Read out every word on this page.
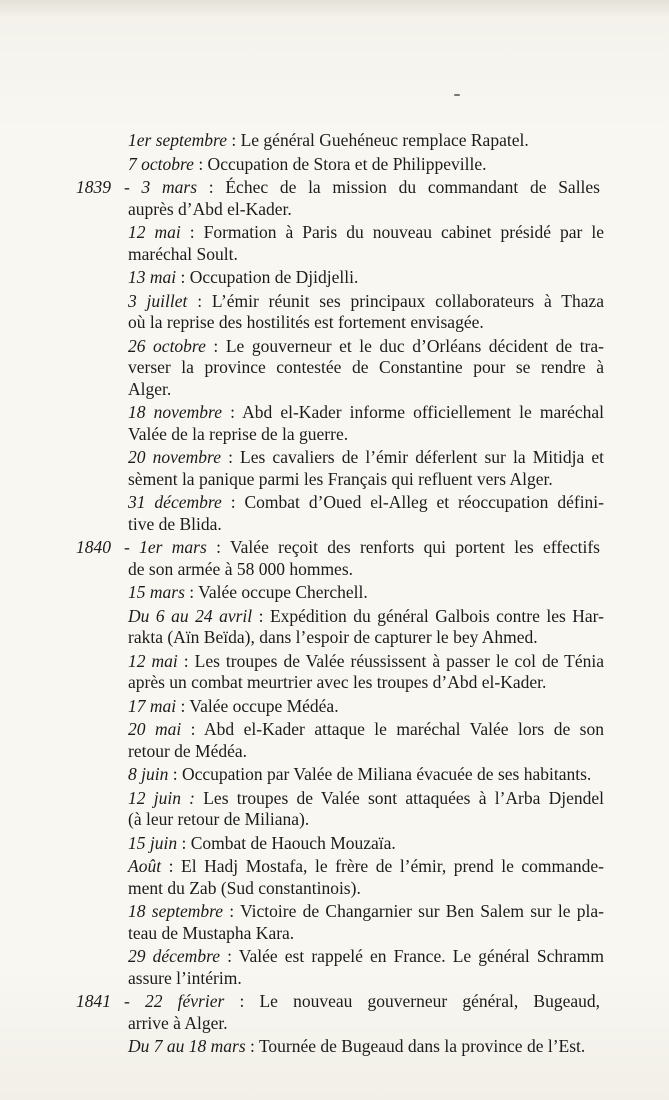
1er septembre : Le général Guehéneuc remplace Rapatel.
7 octobre : Occupation de Stora et de Philippeville.
1839 - 3 mars : Échec de la mission du commandant de Salles
auprès d’Abd el-Kader.
12 mai : Formation à Paris du nouveau cabinet présidé par le
maréchal Soult.
13 mai : Occupation de Djidjelli.
3 juillet : L’émir réunit ses principaux collaborateurs à Thaza
où la reprise des hostilités est fortement envisagée.
26 octobre : Le gouverneur et le duc d’Orléans décident de tra-
verser la province contestée de Constantine pour se rendre à
Alger.
18 novembre : Abd el-Kader informe officiellement le maréchal
Valée de la reprise de la guerre.
20 novembre : Les cavaliers de l’émir déferlent sur la Mitidja et
sèment la panique parmi les Français qui refluent vers Alger.
31 décembre : Combat d’Oued el-Alleg et réoccupation défini-
tive de Blida.
1840 - 1er mars : Valée reçoit des renforts qui portent les effectifs
de son armée à 58 000 hommes.
15 mars : Valée occupe Cherchell.
Du 6 au 24 avril : Expédition du général Galbois contre les Har-
rakta (Aïn Beïda), dans l’espoir de capturer le bey Ahmed.
12 mai : Les troupes de Valée réussissent à passer le col de Ténia
après un combat meurtrier avec les troupes d’Abd el-Kader.
17 mai : Valée occupe Médéa.
20 mai : Abd el-Kader attaque le maréchal Valée lors de son
retour de Médéa.
8 juin : Occupation par Valée de Miliana évacuée de ses habitants.
12 juin : Les troupes de Valée sont attaquées à l’Arba Djendel
(à leur retour de Miliana).
15 juin : Combat de Haouch Mouzaïa.
Août : El Hadj Mostafa, le frère de l’émir, prend le commande-
ment du Zab (Sud constantinois).
18 septembre : Victoire de Changarnier sur Ben Salem sur le pla-
teau de Mustapha Kara.
29 décembre : Valée est rappelé en France. Le général Schramm
assure l’intérim.
1841 - 22 février : Le nouveau gouverneur général, Bugeaud,
arrive à Alger.
Du 7 au 18 mars : Tournée de Bugeaud dans la province de l’Est.
